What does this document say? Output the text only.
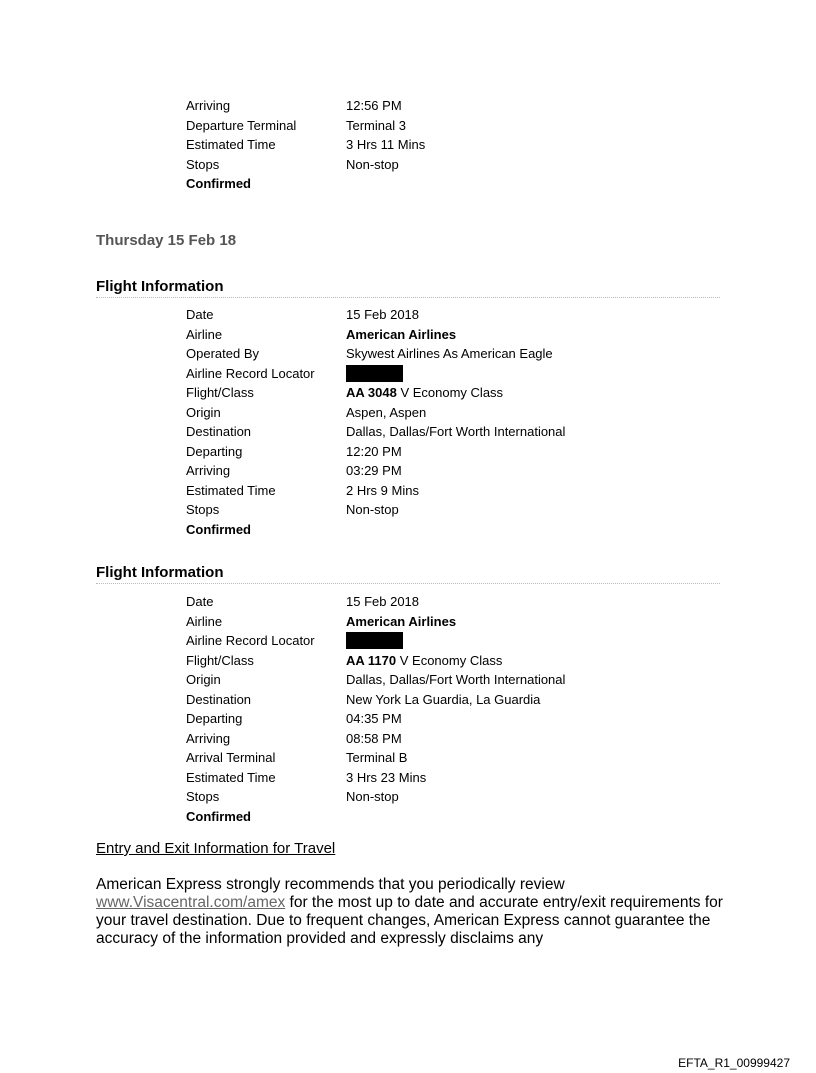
Arriving	12:56 PM
Departure Terminal	Terminal 3
Estimated Time	3 Hrs 11 Mins
Stops	Non-stop
Confirmed
Thursday 15 Feb 18
Flight Information
Date	15 Feb 2018
Airline	American Airlines
Operated By	Skywest Airlines As American Eagle
Airline Record Locator
Flight/Class	AA 3048 V Economy Class
Origin	Aspen, Aspen
Destination	Dallas, Dallas/Fort Worth International
Departing	12:20 PM
Arriving	03:29 PM
Estimated Time	2 Hrs 9 Mins
Stops	Non-stop
Confirmed
Flight Information
Date	15 Feb 2018
Airline	American Airlines
Airline Record Locator
Flight/Class	AA 1170 V Economy Class
Origin	Dallas, Dallas/Fort Worth International
Destination	New York La Guardia, La Guardia
Departing	04:35 PM
Arriving	08:58 PM
Arrival Terminal	Terminal B
Estimated Time	3 Hrs 23 Mins
Stops	Non-stop
Confirmed
Entry and Exit Information for Travel
American Express strongly recommends that you periodically review
www.Visacentral.com/amex for the most up to date and accurate entry/exit requirements for your travel destination. Due to frequent changes, American Express cannot guarantee the accuracy of the information provided and expressly disclaims any
EFTA_R1_00999427
